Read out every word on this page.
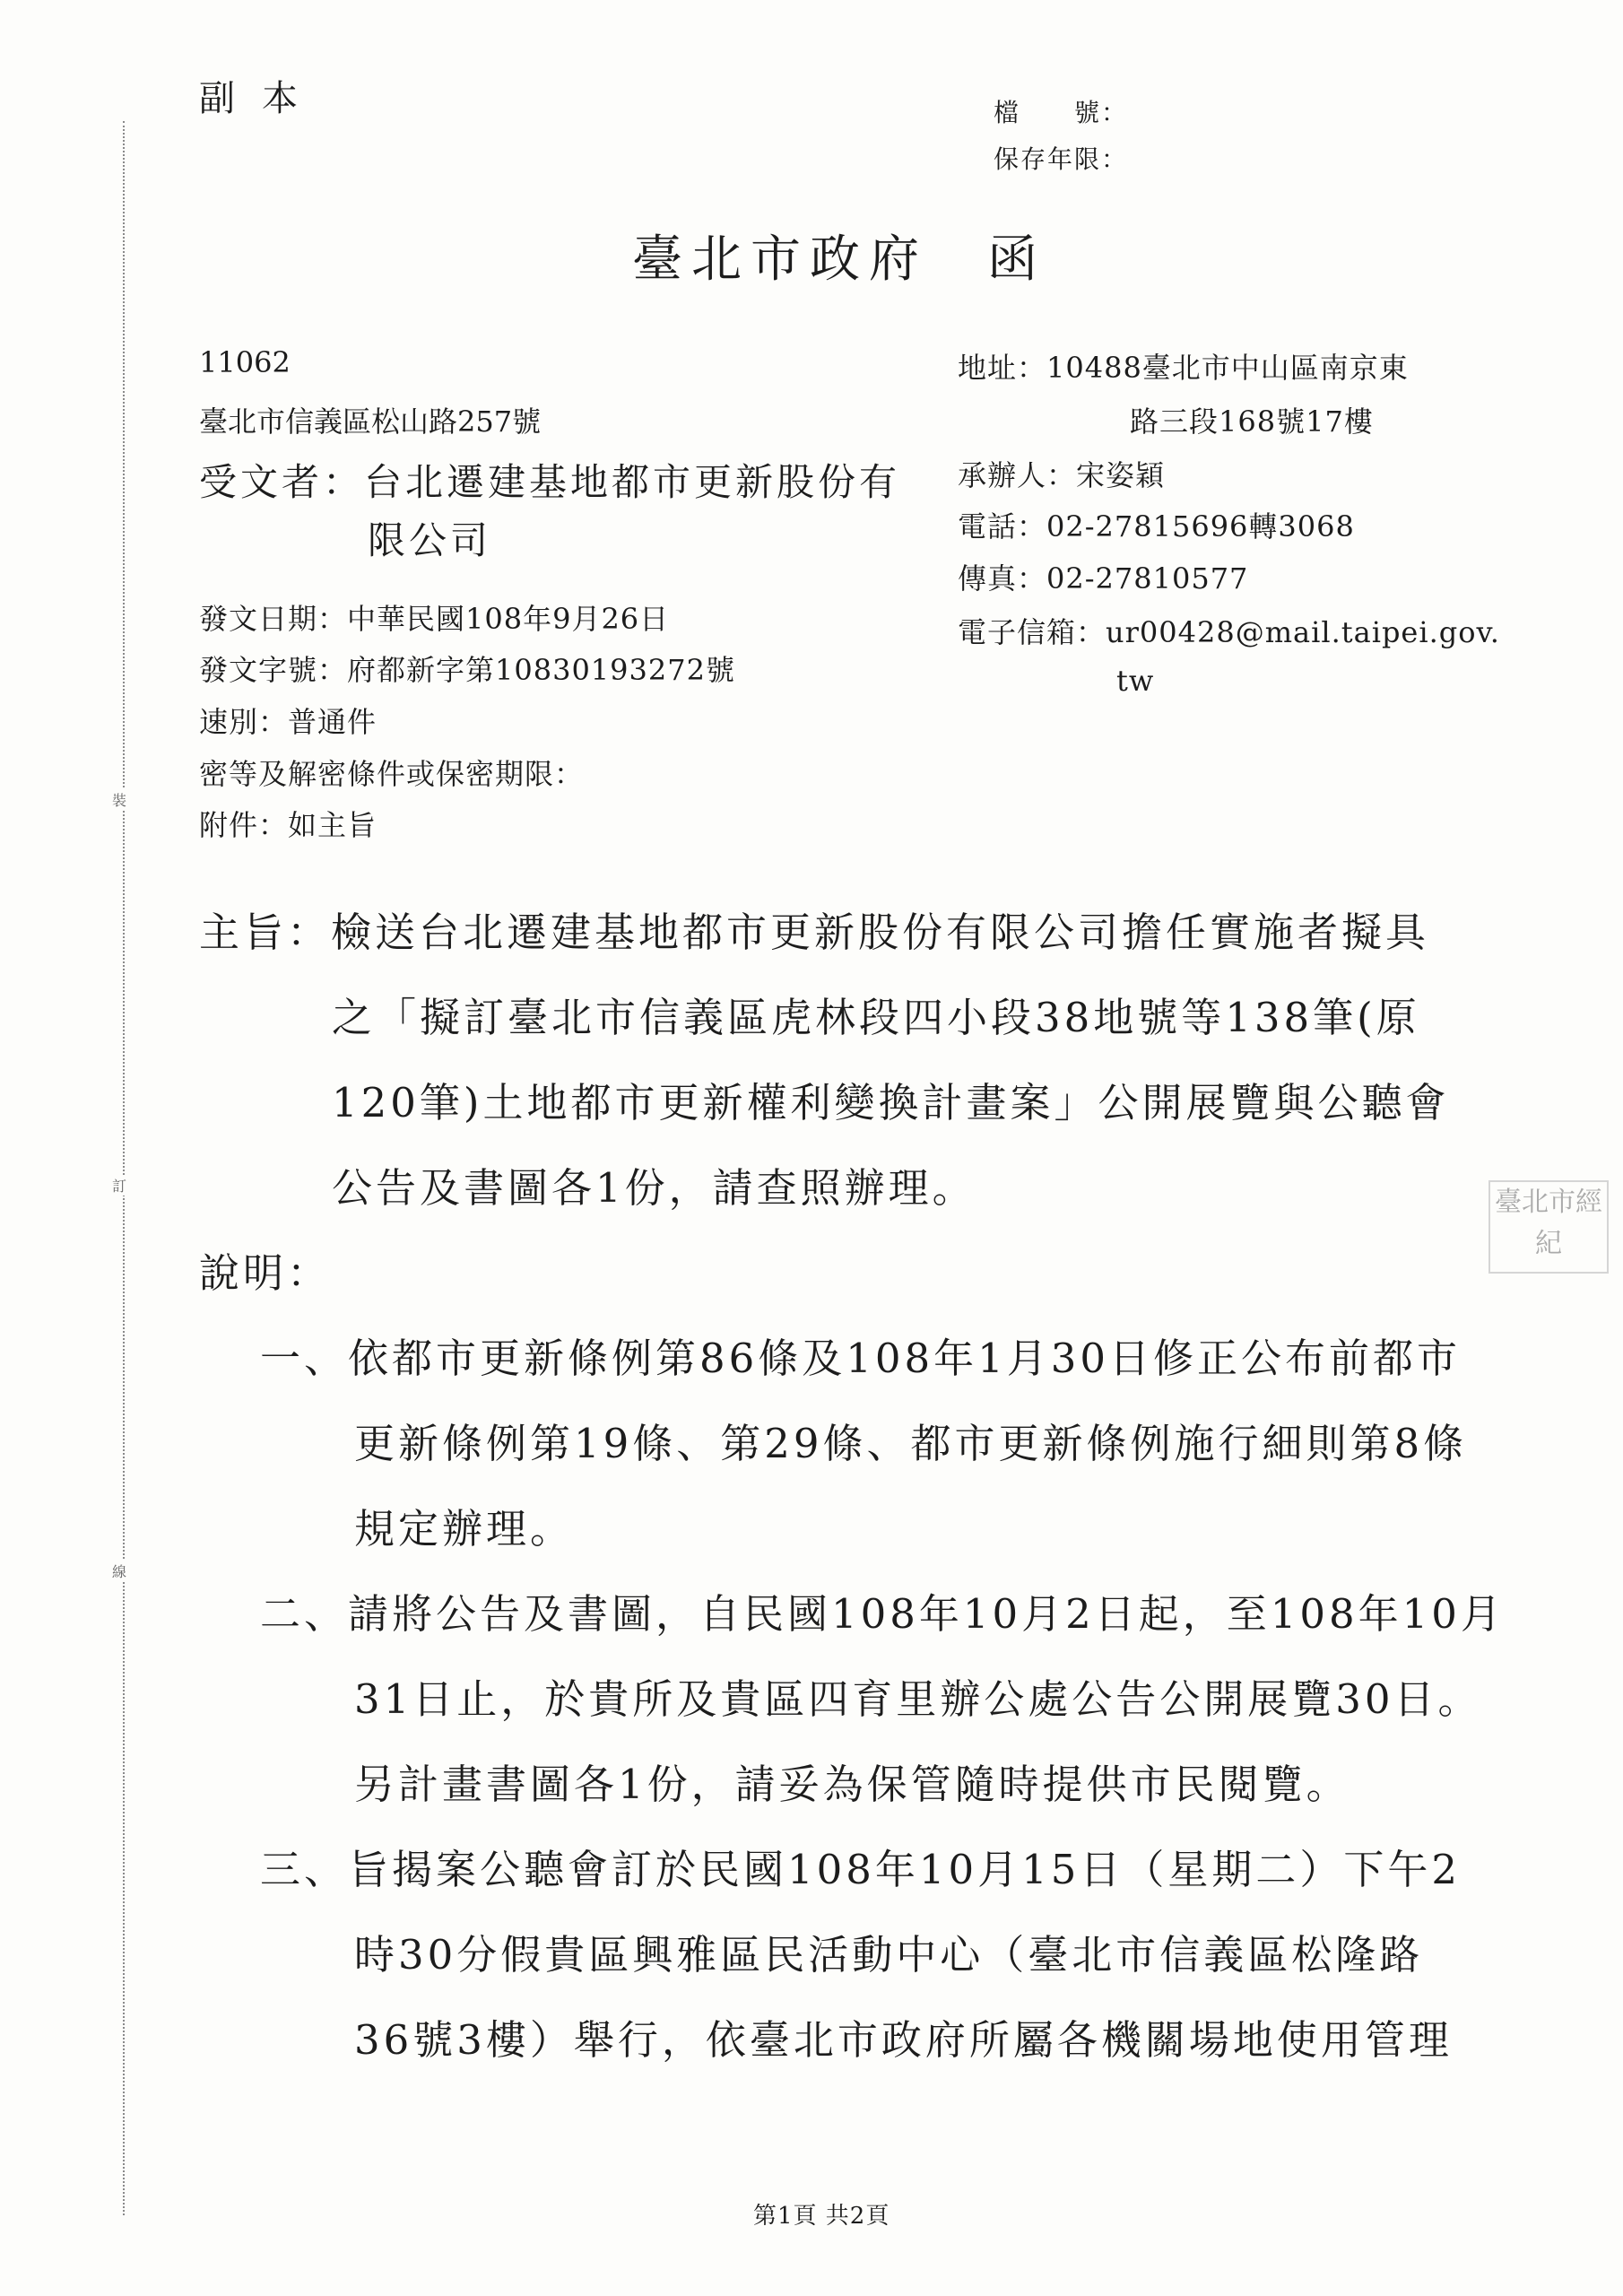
裝
訂
線
副本	檔　　號：
保存年限：
臺北市政府　函
11062
臺北市信義區松山路257號
受文者：台北遷建基地都市更新股份有
限公司
地址：10488臺北市中山區南京東
路三段168號17樓
承辦人：宋姿穎
電話：02-27815696轉3068
傳真：02-27810577
電子信箱：ur00428@mail.taipei.gov.
tw
發文日期：中華民國108年9月26日
發文字號：府都新字第10830193272號
速別：普通件
密等及解密條件或保密期限：
附件：如主旨
主旨：檢送台北遷建基地都市更新股份有限公司擔任實施者擬具
之「擬訂臺北市信義區虎林段四小段38地號等138筆(原
120筆)土地都市更新權利變換計畫案」公開展覽與公聽會
公告及書圖各1份，請查照辦理。	臺北市經紀
說明：
一、依都市更新條例第86條及108年1月30日修正公布前都市
更新條例第19條、第29條、都市更新條例施行細則第8條
規定辦理。
二、請將公告及書圖，自民國108年10月2日起，至108年10月
31日止，於貴所及貴區四育里辦公處公告公開展覽30日。
另計畫書圖各1份，請妥為保管隨時提供市民閱覽。
三、旨揭案公聽會訂於民國108年10月15日（星期二）下午2
時30分假貴區興雅區民活動中心（臺北市信義區松隆路
36號3樓）舉行，依臺北市政府所屬各機關場地使用管理
第1頁 共2頁
